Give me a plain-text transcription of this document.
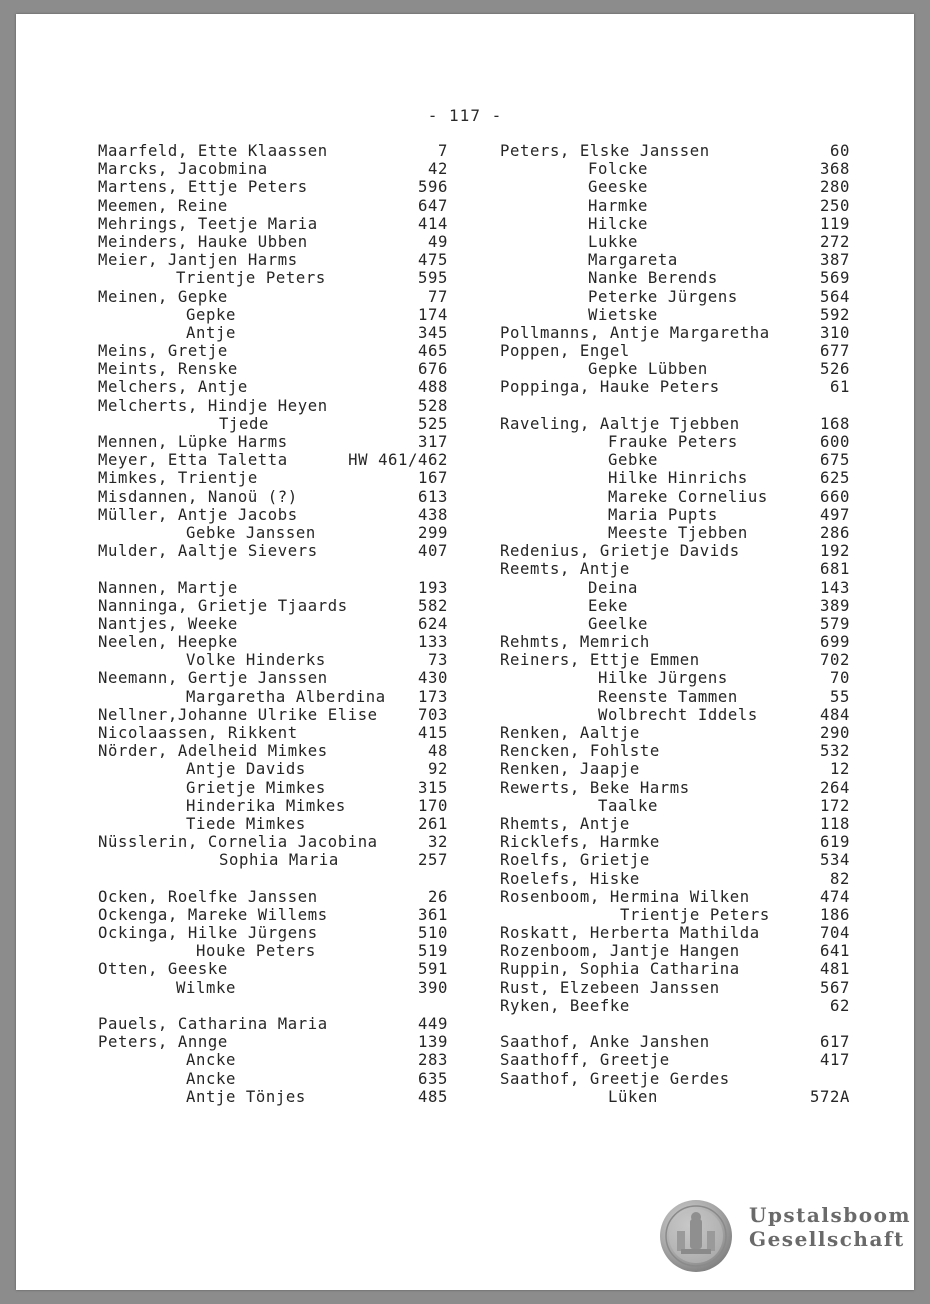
- 117 -
Maarfeld, Ette Klaassen	7
Marcks, Jacobmina	42
Martens, Ettje Peters	596
Meemen, Reine	647
Mehrings, Teetje Maria	414
Meinders, Hauke Ubben	49
Meier, Jantjen Harms	475
Trientje Peters	595
Meinen, Gepke	77
Gepke	174
Antje	345
Meins, Gretje	465
Meints, Renske	676
Melchers, Antje	488
Melcherts, Hindje Heyen	528
Tjede	525
Mennen, Lüpke Harms	317
Meyer, Etta Taletta	HW 461/462
Mimkes, Trientje	167
Misdannen, Nanoü (?)	613
Müller, Antje Jacobs	438
Gebke Janssen	299
Mulder, Aaltje Sievers	407
Nannen, Martje	193
Nanninga, Grietje Tjaards	582
Nantjes, Weeke	624
Neelen, Heepke	133
Volke Hinderks	73
Neemann, Gertje Janssen	430
Margaretha Alberdina 173
Nellner,Johanne Ulrike Elise	703
Nicolaassen, Rikkent	415
Nörder, Adelheid Mimkes	48
Antje Davids	92
Grietje Mimkes	315
Hinderika Mimkes	170
Tiede Mimkes	261
Nüsslerin, Cornelia Jacobina	32
Sophia Maria	257
Ocken, Roelfke Janssen	26
Ockenga, Mareke Willems	361
Ockinga, Hilke Jürgens	510
Houke Peters	519
Otten, Geeske	591
Wilmke	390
Pauels, Catharina Maria	449
Peters, Annge	139
Ancke	283
Ancke	635
Antje Tönjes	485
Peters, Elske Janssen	60
Folcke	368
Geeske	280
Harmke	250
Hilcke	119
Lukke	272
Margareta	387
Nanke Berends	569
Peterke Jürgens	564
Wietske	592
Pollmanns, Antje Margaretha	310
Poppen, Engel	677
Gepke Lübben	526
Poppinga, Hauke Peters	61
Raveling, Aaltje Tjebben	168
Frauke Peters	600
Gebke	675
Hilke Hinrichs	625
Mareke Cornelius	660
Maria Pupts	497
Meeste Tjebben	286
Redenius, Grietje Davids	192
Reemts, Antje	681
Deina	143
Eeke	389
Geelke	579
Rehmts, Memrich	699
Reiners, Ettje Emmen	702
Hilke Jürgens	70
Reenste Tammen	55
Wolbrecht Iddels	484
Renken, Aaltje	290
Rencken, Fohlste	532
Renken, Jaapje	12
Rewerts, Beke Harms	264
Taalke	172
Rhemts, Antje	118
Ricklefs, Harmke	619
Roelfs, Grietje	534
Roelefs, Hiske	82
Rosenboom, Hermina Wilken	474
Trientje Peters	186
Roskatt, Herberta Mathilda	704
Rozenboom, Jantje Hangen	641
Ruppin, Sophia Catharina	481
Rust, Elzebeen Janssen	567
Ryken, Beefke	62
Saathof, Anke Janshen	617
Saathoff, Greetje	417
Saathof, Greetje Gerdes
Lüken	572A
Upstalsboom
Gesellschaft
